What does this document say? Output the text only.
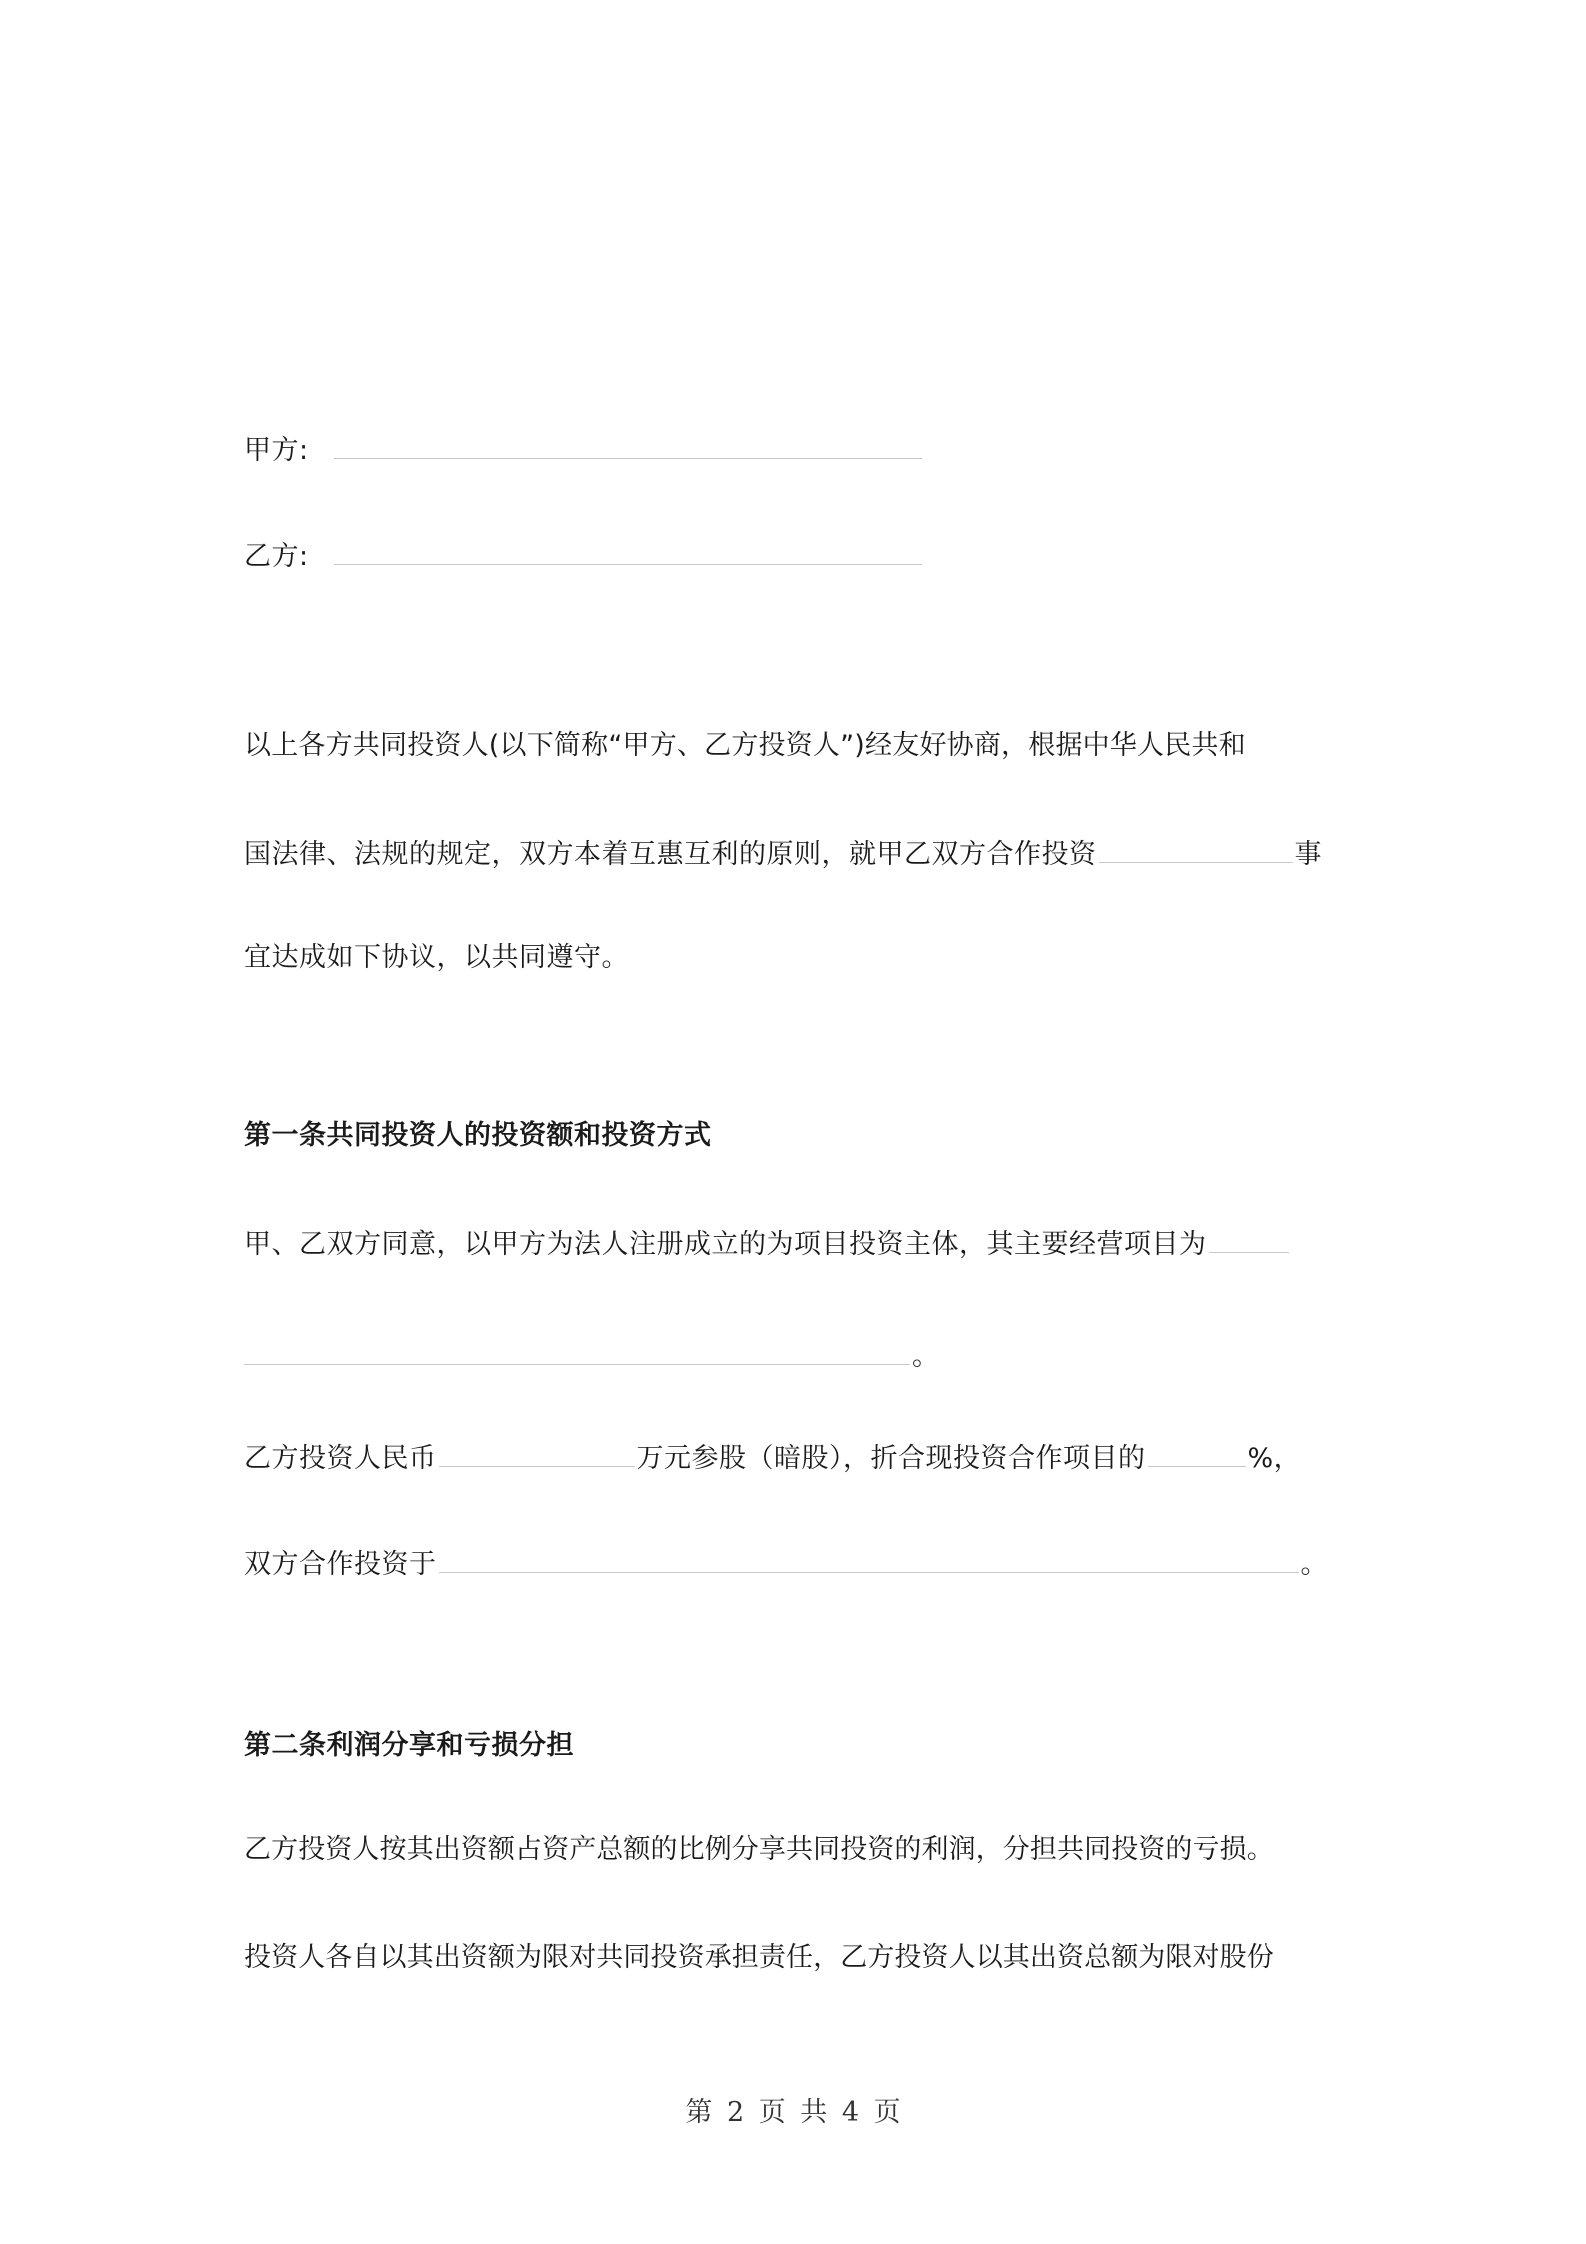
甲方:
乙方:
以上各方共同投资人(以下简称“甲方、乙方投资人”)经友好协商，根据中华人民共和
国法律、法规的规定，双方本着互惠互利的原则，就甲乙双方合作投资	事
宜达成如下协议，以共同遵守。
第一条共同投资人的投资额和投资方式
甲、乙双方同意，以甲方为法人注册成立的为项目投资主体，其主要经营项目为
。
乙方投资人民币	万元参股（暗股），折合现投资合作项目的	%，
双方合作投资于	。
第二条利润分享和亏损分担
乙方投资人按其出资额占资产总额的比例分享共同投资的利润，分担共同投资的亏损。
投资人各自以其出资额为限对共同投资承担责任，乙方投资人以其出资总额为限对股份
第 2 页 共 4 页
